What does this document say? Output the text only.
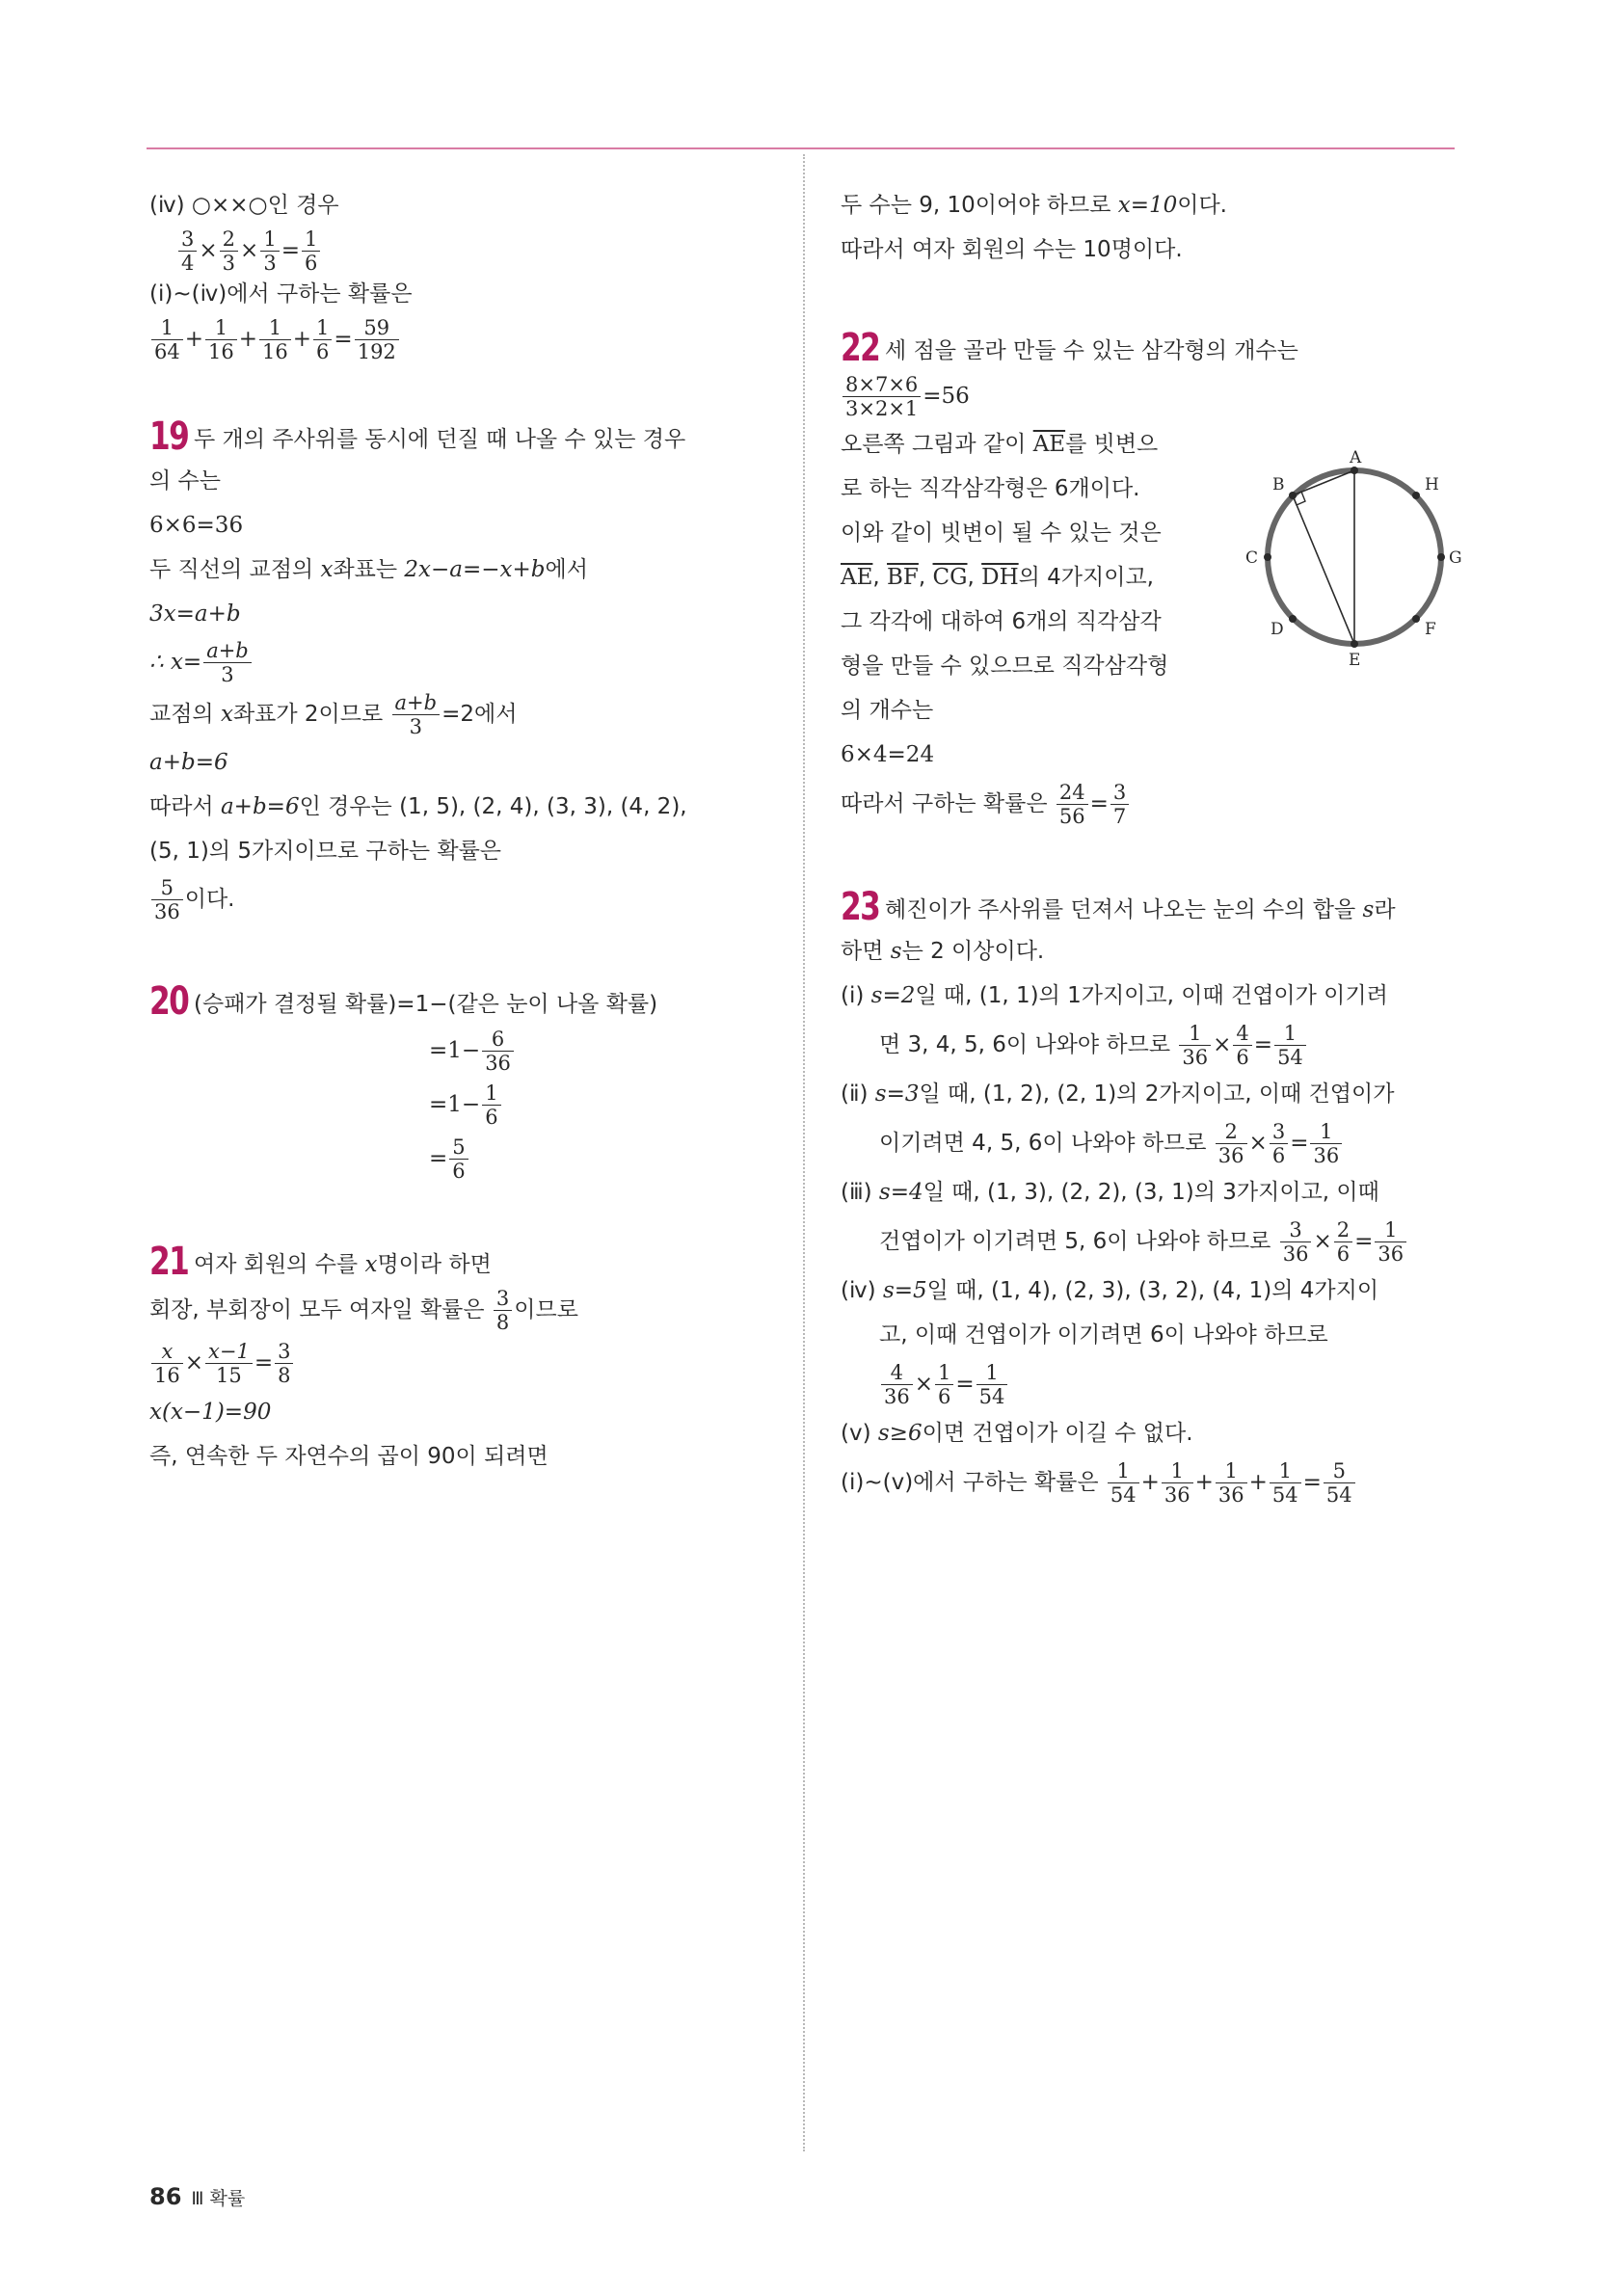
(ⅳ) ○××○인 경우
$\frac{3}{4} \times \frac{2}{3} \times \frac{1}{3} = \frac{1}{6}$
(ⅰ)~(ⅳ)에서 구하는 확률은
$\frac{1}{64} + \frac{1}{16} + \frac{1}{16} + \frac{1}{6} = \frac{59}{192}$
19 두 개의 주사위를 동시에 던질 때 나올 수 있는 경우
의 수는
6×6=36
두 직선의 교점의 x좌표는 2x−a=−x+b에서
3x=a+b
∴ $x= \frac{a+b}{3}$
교점의 x좌표가 2이므로 $\frac{a+b}{3} =2$에서
a+b=6
따라서 a+b=6인 경우는 (1, 5), (2, 4), (3, 3), (4, 2),
(5, 1)의 5가지이므로 구하는 확률은
$\frac{5}{36}$ 이다.
20 (승패가 결정될 확률)=1−(같은 눈이 나올 확률)
$=1- \frac{6}{36}$
$=1- \frac{1}{6}$
= $\frac{5}{6}$
21 여자 회원의 수를 x명이라 하면
회장, 부회장이 모두 여자일 확률은 $\frac{3}{8}$ 이므로
$\frac{x}{16} \times \frac{x-1}{15} = \frac{3}{8}$
x(x−1)=90
즉, 연속한 두 자연수의 곱이 90이 되려면
두 수는 9, 10이어야 하므로 x=10이다.
따라서 여자 회원의 수는 10명이다.
22 세 점을 골라 만들 수 있는 삼각형의 개수는
$\frac{8\times 7\times 6}{3\times 2\times 1} =56$
오른쪽 그림과 같이 $\overline{AE}$를 빗변으
로 하는 직각삼각형은 6개이다.
이와 같이 빗변이 될 수 있는 것은
$\overline{AE}$, $\overline{BF}$, $\overline{CG}$, $\overline{DH}$의 4가지이고,
그 각각에 대하여 6개의 직각삼각
형을 만들 수 있으므로 직각삼각형
의 개수는
6×4=24
따라서 구하는 확률은 $\frac{24}{56} = \frac{3}{7}$
23 혜진이가 주사위를 던져서 나오는 눈의 수의 합을 s라
하면 s는 2 이상이다.
(ⅰ) s=2일 때, (1, 1)의 1가지이고, 이때 건엽이가 이기려
면 3, 4, 5, 6이 나와야 하므로 $\frac{1}{36} \times \frac{4}{6} = \frac{1}{54}$
(ⅱ) s=3일 때, (1, 2), (2, 1)의 2가지이고, 이때 건엽이가
이기려면 4, 5, 6이 나와야 하므로 $\frac{2}{36} \times \frac{3}{6} = \frac{1}{36}$
(ⅲ) s=4일 때, (1, 3), (2, 2), (3, 1)의 3가지이고, 이때
건엽이가 이기려면 5, 6이 나와야 하므로 $\frac{3}{36} \times \frac{2}{6} = \frac{1}{36}$
(ⅳ) s=5일 때, (1, 4), (2, 3), (3, 2), (4, 1)의 4가지이
고, 이때 건엽이가 이기려면 6이 나와야 하므로
$\frac{4}{36} \times \frac{1}{6} = \frac{1}{54}$
(ⅴ) s≥6이면 건엽이가 이길 수 없다.
(ⅰ)~(ⅴ)에서 구하는 확률은 $\frac{1}{54} + \frac{1}{36} + \frac{1}{36} + \frac{1}{54} = \frac{5}{54}$
A
B
C
D
E
F
G
H
86 Ⅲ 확률
